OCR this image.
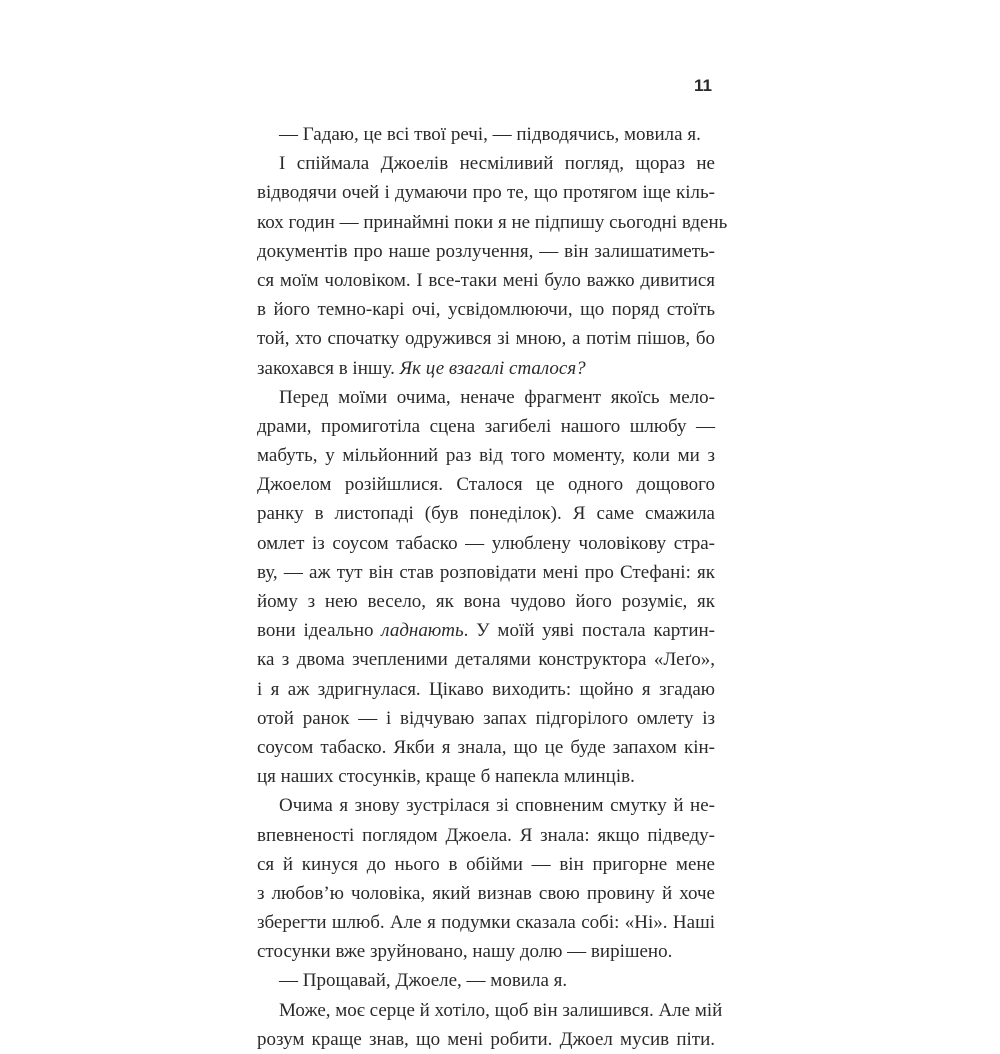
11
— Гадаю, це всі твої речі, — підводячись, мовила я.
І спіймала Джоелів несміливий погляд, щораз не
відводячи очей і думаючи про те, що протягом іще кіль-
кох годин — принаймні поки я не підпишу сьогодні вдень
документів про наше розлучення, — він залишатиметь-
ся моїм чоловіком. І все-таки мені було важко дивитися
в його темно-карі очі, усвідомлюючи, що поряд стоїть
той, хто спочатку одружився зі мною, а потім пішов, бо
закохався в іншу. Як це взагалі сталося?
Перед моїми очима, неначе фрагмент якоїсь мело-
драми, промиготіла сцена загибелі нашого шлюбу —
мабуть, у мільйонний раз від того моменту, коли ми з
Джоелом розійшлися. Сталося це одного дощового
ранку в листопаді (був понеділок). Я саме смажила
омлет із соусом табаско — улюблену чоловікову стра-
ву, — аж тут він став розповідати мені про Стефані: як
йому з нею весело, як вона чудово його розуміє, як
вони ідеально ладнають. У моїй уяві постала картин-
ка з двома зчепленими деталями конструктора «Леґо»,
і я аж здригнулася. Цікаво виходить: щойно я згадаю
отой ранок — і відчуваю запах підгорілого омлету із
соусом табаско. Якби я знала, що це буде запахом кін-
ця наших стосунків, краще б напекла млинців.
Очима я знову зустрілася зі сповненим смутку й не-
впевненості поглядом Джоела. Я знала: якщо підведу-
ся й кинуся до нього в обійми — він пригорне мене
з любов’ю чоловіка, який визнав свою провину й хоче
зберегти шлюб. Але я подумки сказала собі: «Ні». Наші
стосунки вже зруйновано, нашу долю — вирішено.
— Прощавай, Джоеле, — мовила я.
Може, моє серце й хотіло, щоб він залишився. Але мій
розум краще знав, що мені робити. Джоел мусив піти.
